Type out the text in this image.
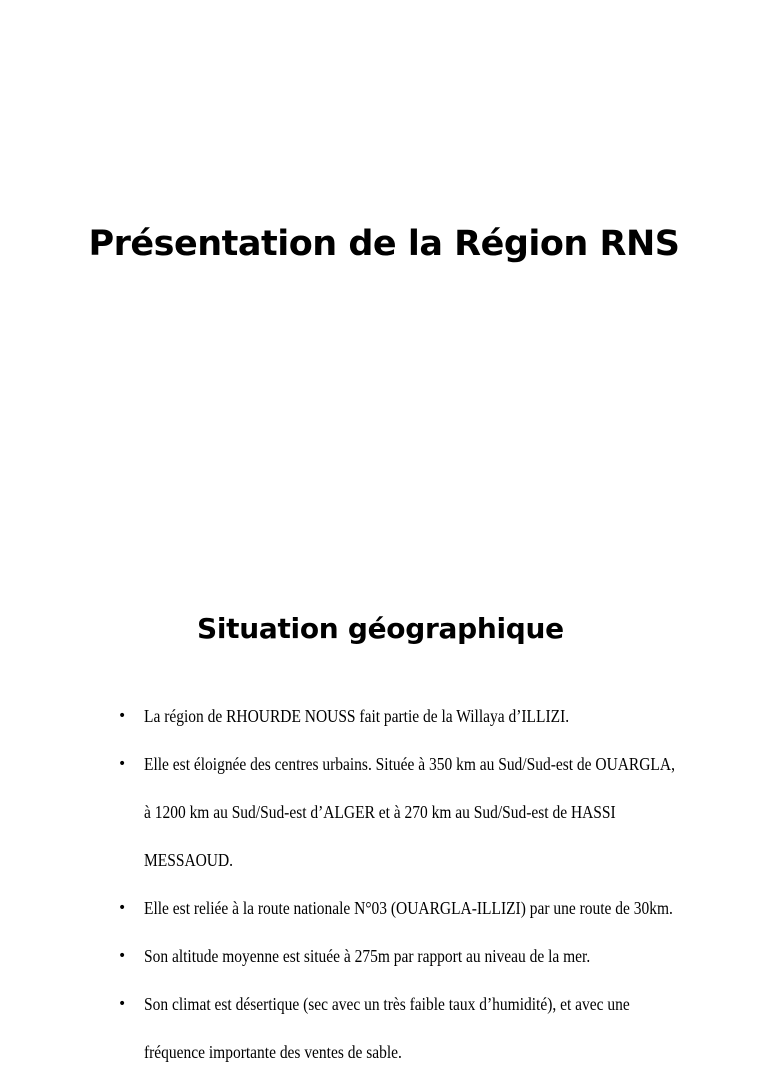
Présentation de la Région RNS
Situation géographique
• La région de RHOURDE NOUSS fait partie de la Willaya d’ILLIZI.
• Elle est éloignée des centres urbains. Située à 350 km au Sud/Sud-est de OUARGLA, à 1200 km au Sud/Sud-est d’ALGER et à 270 km au Sud/Sud-est de HASSI MESSAOUD.
• Elle est reliée à la route nationale N°03 (OUARGLA-ILLIZI) par une route de 30km.
• Son altitude moyenne est située à 275m par rapport au niveau de la mer.
• Son climat est désertique (sec avec un très faible taux d’humidité), et avec une fréquence importante des ventes de sable.
